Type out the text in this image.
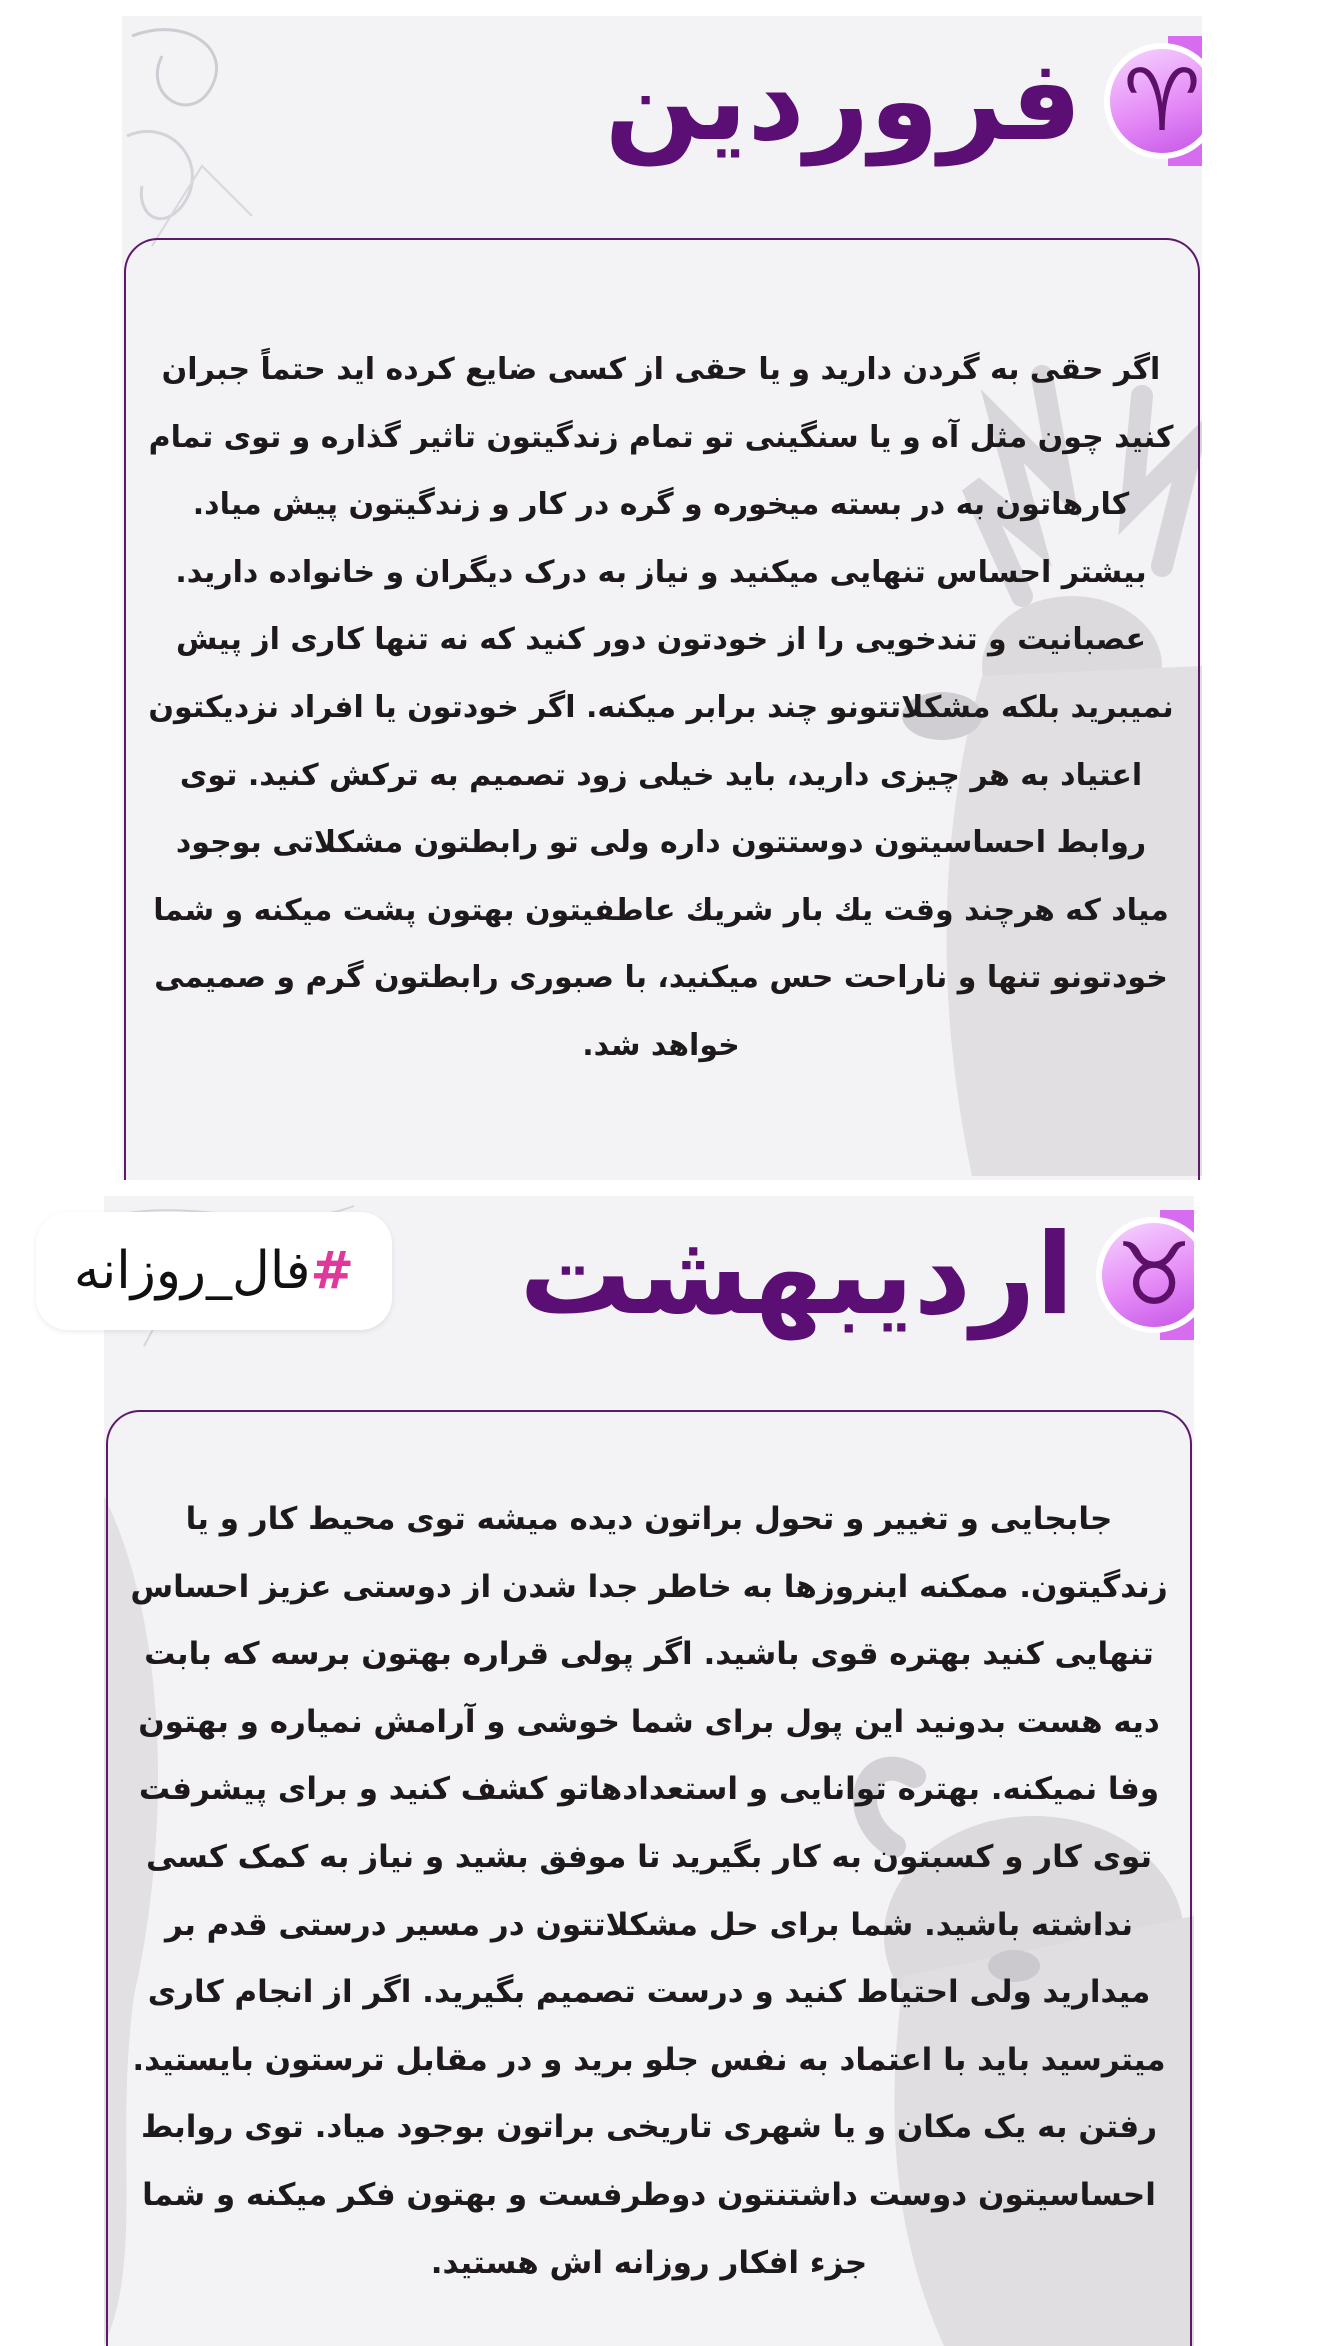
♈
فروردین
اگر حقی به گردن دارید و یا حقی از کسی ضایع کرده اید حتماً جبران کنید چون مثل آه و یا سنگینی تو تمام زندگیتون تاثیر گذاره و توی تمام کارهاتون به در بسته میخوره و گره در کار و زندگیتون پیش میاد. بیشتر احساس تنهایی میکنید و نیاز به درک دیگران و خانواده دارید. عصبانیت و تندخویی را از خودتون دور کنید که نه تنها کاری از پیش نمیبرید بلکه مشکلاتتونو چند برابر میکنه. اگر خودتون یا افراد نزدیکتون اعتیاد به هر چیزی دارید، باید خیلی زود تصمیم به ترکش کنید. توی روابط احساسیتون دوستتون داره ولی تو رابطتون مشکلاتی بوجود میاد که هرچند وقت یك بار شریك عاطفیتون بهتون پشت میکنه و شما خودتونو تنها و ناراحت حس میکنید، با صبوری رابطتون گرم و صمیمی خواهد شد.
♉
اردیبهشت
جابجایی و تغییر و تحول براتون دیده میشه توی محیط کار و یا زندگیتون. ممکنه اینروزها به خاطر جدا شدن از دوستی عزیز احساس تنهایی کنید بهتره قوی باشید. اگر پولی قراره بهتون برسه که بابت دیه هست بدونید این پول برای شما خوشی و آرامش نمیاره و بهتون وفا نمیکنه. بهتره توانایی و استعدادهاتو کشف کنید و برای پیشرفت توی کار و کسبتون به کار بگیرید تا موفق بشید و نیاز به کمک کسی نداشته باشید. شما برای حل مشکلاتتون در مسیر درستی قدم بر میدارید ولی احتیاط کنید و درست تصمیم بگیرید. اگر از انجام کاری میترسید باید با اعتماد به نفس جلو برید و در مقابل ترستون بایستید. رفتن به یک مکان و یا شهری تاریخی براتون بوجود میاد. توی روابط احساسیتون دوست داشتنتون دوطرفست و بهتون فکر میکنه و شما جزء افکار روزانه اش هستید.
#
فال_روزانه
